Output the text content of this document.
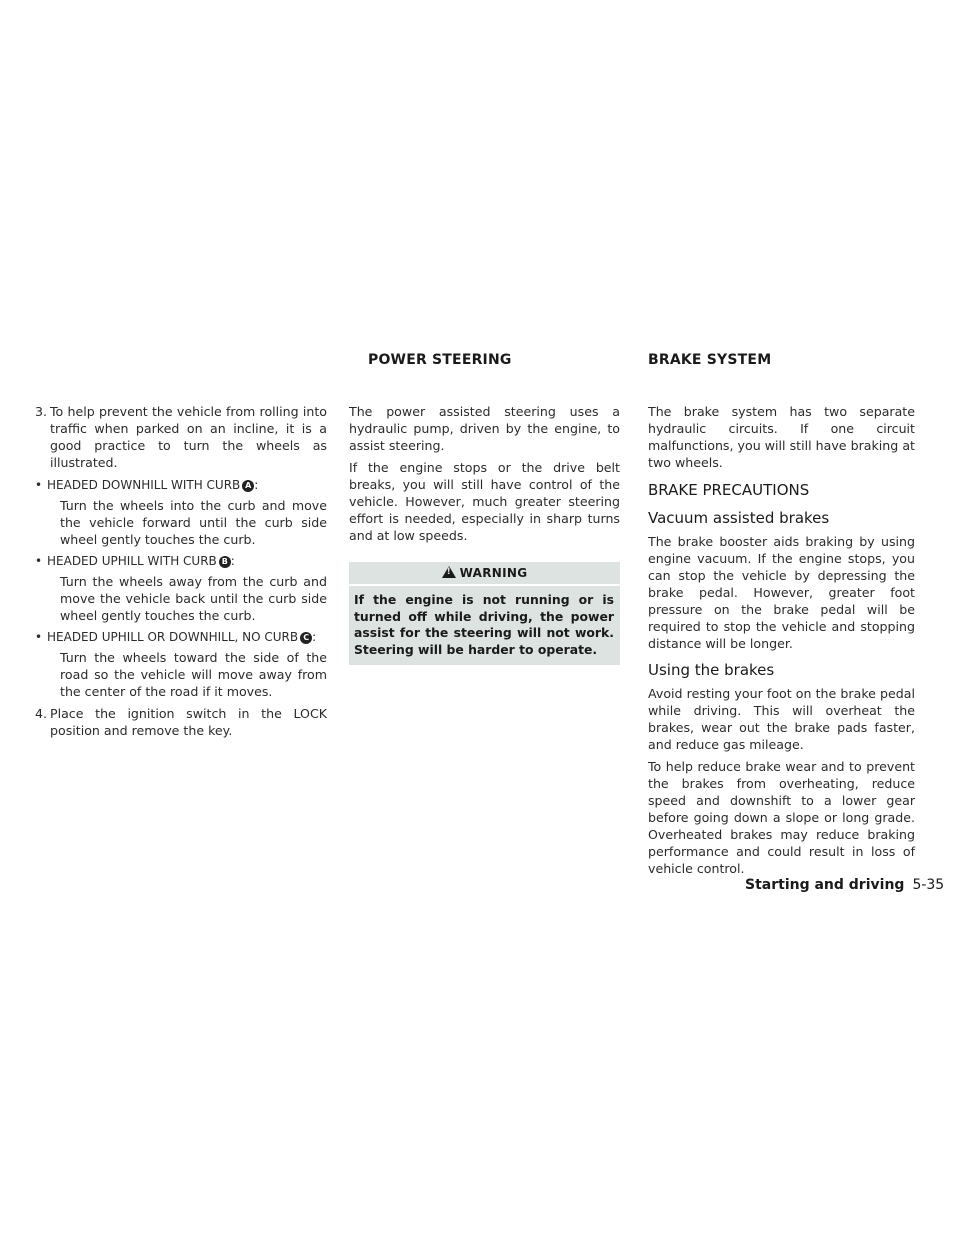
POWER STEERING	BRAKE SYSTEM
3. To help prevent the vehicle from rolling into traffic when parked on an incline, it is a good practice to turn the wheels as illustrated.
• HEADED DOWNHILL WITH CURB A :

Turn the wheels into the curb and move the vehicle forward until the curb side wheel gently touches the curb.

• HEADED UPHILL WITH CURB B :

Turn the wheels away from the curb and move the vehicle back until the curb side wheel gently touches the curb.

• HEADED UPHILL OR DOWNHILL, NO CURB C :

Turn the wheels toward the side of the road so the vehicle will move away from the center of the road if it moves.

4. Place the ignition switch in the LOCK position and remove the key.

The power assisted steering uses a hydraulic pump, driven by the engine, to assist steering.

If the engine stops or the drive belt breaks, you will still have control of the vehicle. However, much greater steering effort is needed, especially in sharp turns and at low speeds.

!WARNING
If the engine is not running or is turned off while driving, the power assist for the steering will not work. Steering will be harder to operate.

The brake system has two separate hydraulic circuits. If one circuit malfunctions, you will still have braking at two wheels.

BRAKE PRECAUTIONS
Vacuum assisted brakes

The brake booster aids braking by using engine vacuum. If the engine stops, you can stop the vehicle by depressing the brake pedal. However, greater foot pressure on the brake pedal will be required to stop the vehicle and stopping distance will be longer.

Using the brakes

Avoid resting your foot on the brake pedal while driving. This will overheat the brakes, wear out the brake pads faster, and reduce gas mileage.

To help reduce brake wear and to prevent the brakes from overheating, reduce speed and downshift to a lower gear before going down a slope or long grade. Overheated brakes may reduce braking performance and could result in loss of vehicle control.

Starting and driving 5-35
